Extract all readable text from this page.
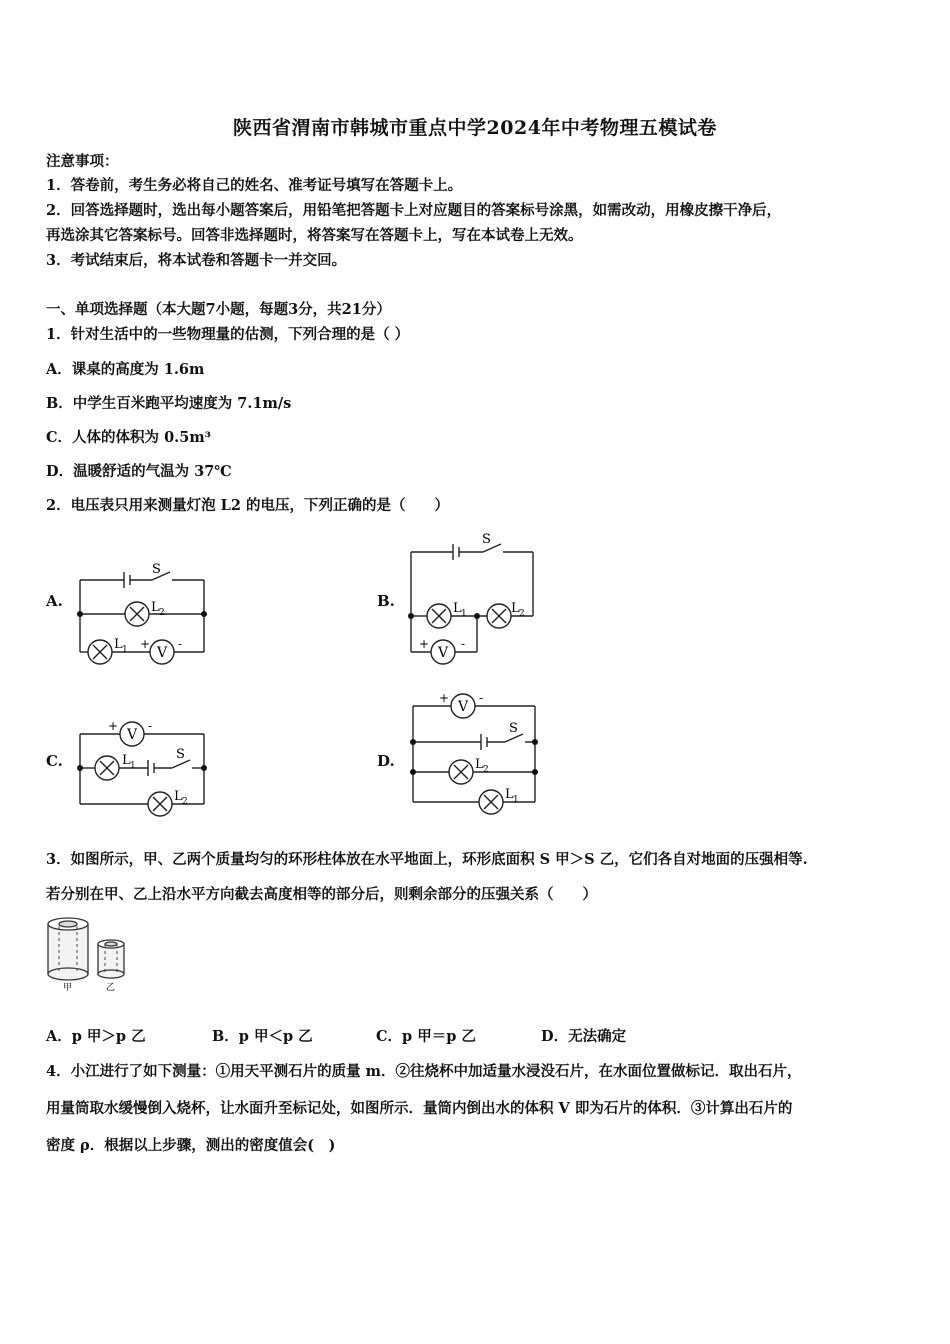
陕西省渭南市韩城市重点中学2024年中考物理五模试卷
注意事项：
1．答卷前，考生务必将自己的姓名、准考证号填写在答题卡上。
2．回答选择题时，选出每小题答案后，用铅笔把答题卡上对应题目的答案标号涂黑，如需改动，用橡皮擦干净后，
再选涂其它答案标号。回答非选择题时，将答案写在答题卡上，写在本试卷上无效。
3．考试结束后，将本试卷和答题卡一并交回。
一、单项选择题（本大题7小题，每题3分，共21分）
1．针对生活中的一些物理量的估测，下列合理的是（ ）
A．课桌的高度为 1.6m
B．中学生百米跑平均速度为 7.1m/s
C．人体的体积为 0.5m³
D．温暖舒适的气温为 37℃
2．电压表只用来测量灯泡 L2 的电压，下列正确的是（　　）
A.	B.
C.	D.
S
L 2
L 1 V
+ -
S
L 1	L 2
V
+	-
V
+ -
L 1
S
L 2
V
+ -
S
L 2
L 1
3．如图所示，甲、乙两个质量均匀的环形柱体放在水平地面上，环形底面积 S 甲＞S 乙，它们各自对地面的压强相等.
若分别在甲、乙上沿水平方向截去高度相等的部分后，则剩余部分的压强关系（　　）
甲	乙
A．p 甲＞p 乙	B．p 甲＜p 乙	C．p 甲＝p 乙	D．无法确定
4．小江进行了如下测量：①用天平测石片的质量 m．②往烧杯中加适量水浸没石片，在水面位置做标记．取出石片，
用量筒取水缓慢倒入烧杯，让水面升至标记处，如图所示．量筒内倒出水的体积 V 即为石片的体积．③计算出石片的
密度 ρ．根据以上步骤，测出的密度值会(　)
